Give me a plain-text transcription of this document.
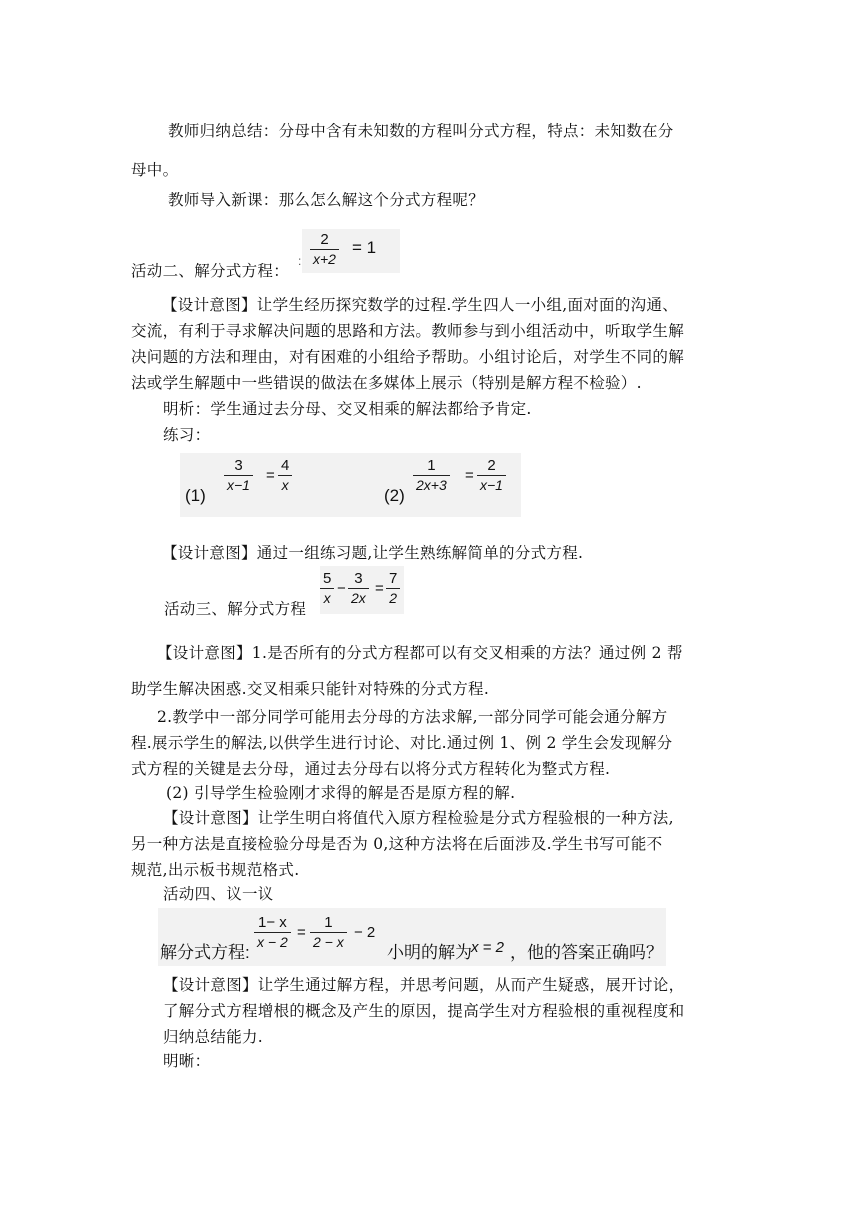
教师归纳总结：分母中含有未知数的方程叫分式方程，特点：未知数在分
母中。
教师导入新课：那么怎么解这个分式方程呢？
活动二、解分式方程：
: $\frac{2}{x+2} = 1$
【设计意图】让学生经历探究数学的过程.学生四人一小组,面对面的沟通、
交流，有利于寻求解决问题的思路和方法。教师参与到小组活动中，听取学生解
决问题的方法和理由，对有困难的小组给予帮助。小组讨论后，对学生不同的解
法或学生解题中一些错误的做法在多媒体上展示（特别是解方程不检验）.
明析：学生通过去分母、交叉相乘的解法都给予肯定.
练习：
(1)
$\frac{3}{x-1} = \frac{4}{x}$
(2)
$\frac{1}{2x+3} = \frac{2}{x-1}$
【设计意图】通过一组练习题,让学生熟练解简单的分式方程.
活动三、解分式方程
$\frac{5}{x} - \frac{3}{2x} = \frac{7}{2}$
【设计意图】1.是否所有的分式方程都可以有交叉相乘的方法？通过例 2 帮
助学生解决困惑.交叉相乘只能针对特殊的分式方程.
2.教学中一部分同学可能用去分母的方法求解,一部分同学可能会通分解方
程.展示学生的解法,以供学生进行讨论、对比.通过例 1、例 2 学生会发现解分
式方程的关键是去分母，通过去分母右以将分式方程转化为整式方程.
(2) 引导学生检验刚才求得的解是否是原方程的解.
【设计意图】让学生明白将值代入原方程检验是分式方程验根的一种方法,
另一种方法是直接检验分母是否为 0,这种方法将在后面涉及.学生书写可能不
规范,出示板书规范格式.
活动四、议一议
解分式方程:
$\frac{1- x}{x - 2} = \frac{1}{2 - x} - 2$
小明的解为 x = 2 ，他的答案正确吗？
【设计意图】让学生通过解方程，并思考问题，从而产生疑惑，展开讨论，
了解分式方程增根的概念及产生的原因，提高学生对方程验根的重视程度和
归纳总结能力.
明晰：
